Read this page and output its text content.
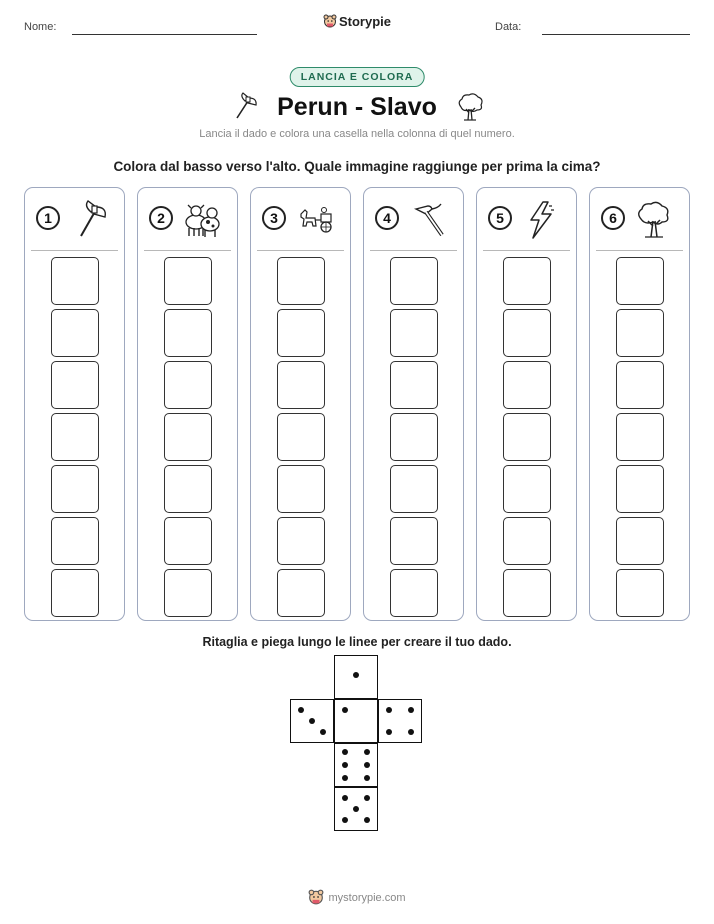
Nome:	Storypie	Data:
LANCIA E COLORA
Perun - Slavo
Lancia il dado e colora una casella nella colonna di quel numero.
Colora dal basso verso l'alto. Quale immagine raggiunge per prima la cima?
1	2	3	4	5	6
Ritaglia e piega lungo le linee per creare il tuo dado.
mystorypie.com
